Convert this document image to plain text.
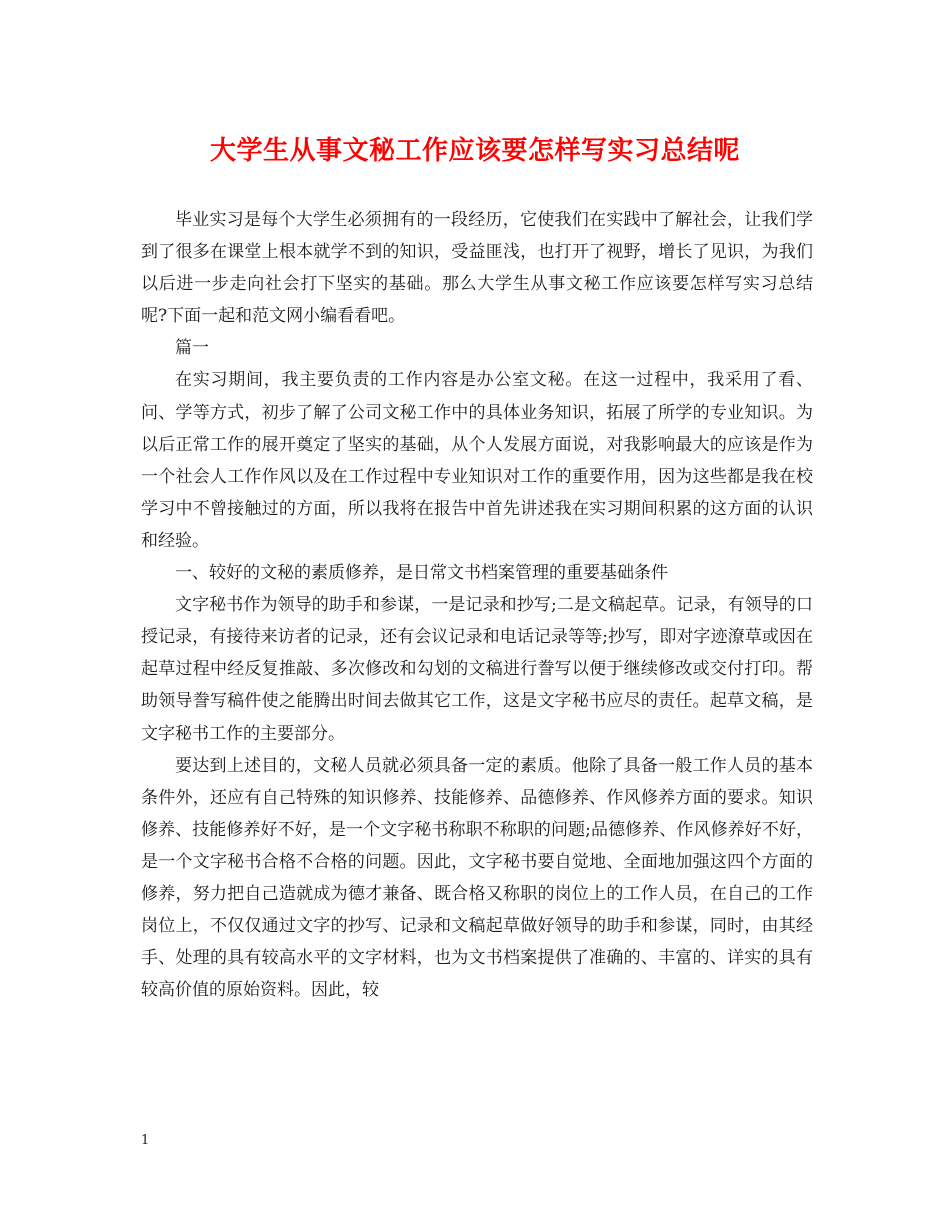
大学生从事文秘工作应该要怎样写实习总结呢

毕业实习是每个大学生必须拥有的一段经历，它使我们在实践中了解社会，让我们学到了很多在课堂上根本就学不到的知识，受益匪浅，也打开了视野，增长了见识，为我们以后进一步走向社会打下坚实的基础。那么大学生从事文秘工作应该要怎样写实习总结呢?下面一起和范文网小编看看吧。

篇一

在实习期间，我主要负责的工作内容是办公室文秘。在这一过程中，我采用了看、问、学等方式，初步了解了公司文秘工作中的具体业务知识，拓展了所学的专业知识。为以后正常工作的展开奠定了坚实的基础，从个人发展方面说，对我影响最大的应该是作为一个社会人工作作风以及在工作过程中专业知识对工作的重要作用，因为这些都是我在校学习中不曾接触过的方面，所以我将在报告中首先讲述我在实习期间积累的这方面的认识和经验。

一、较好的文秘的素质修养，是日常文书档案管理的重要基础条件

文字秘书作为领导的助手和参谋，一是记录和抄写;二是文稿起草。记录，有领导的口授记录，有接待来访者的记录，还有会议记录和电话记录等等;抄写，即对字迹潦草或因在起草过程中经反复推敲、多次修改和勾划的文稿进行誊写以便于继续修改或交付打印。帮助领导誊写稿件使之能腾出时间去做其它工作，这是文字秘书应尽的责任。起草文稿，是文字秘书工作的主要部分。

要达到上述目的，文秘人员就必须具备一定的素质。他除了具备一般工作人员的基本条件外，还应有自己特殊的知识修养、技能修养、品德修养、作风修养方面的要求。知识修养、技能修养好不好，是一个文字秘书称职不称职的问题;品德修养、作风修养好不好，是一个文字秘书合格不合格的问题。因此，文字秘书要自觉地、全面地加强这四个方面的修养，努力把自己造就成为德才兼备、既合格又称职的岗位上的工作人员，在自己的工作岗位上，不仅仅通过文字的抄写、记录和文稿起草做好领导的助手和参谋，同时，由其经手、处理的具有较高水平的文字材料，也为文书档案提供了准确的、丰富的、详实的具有较高价值的原始资料。因此，较

1
